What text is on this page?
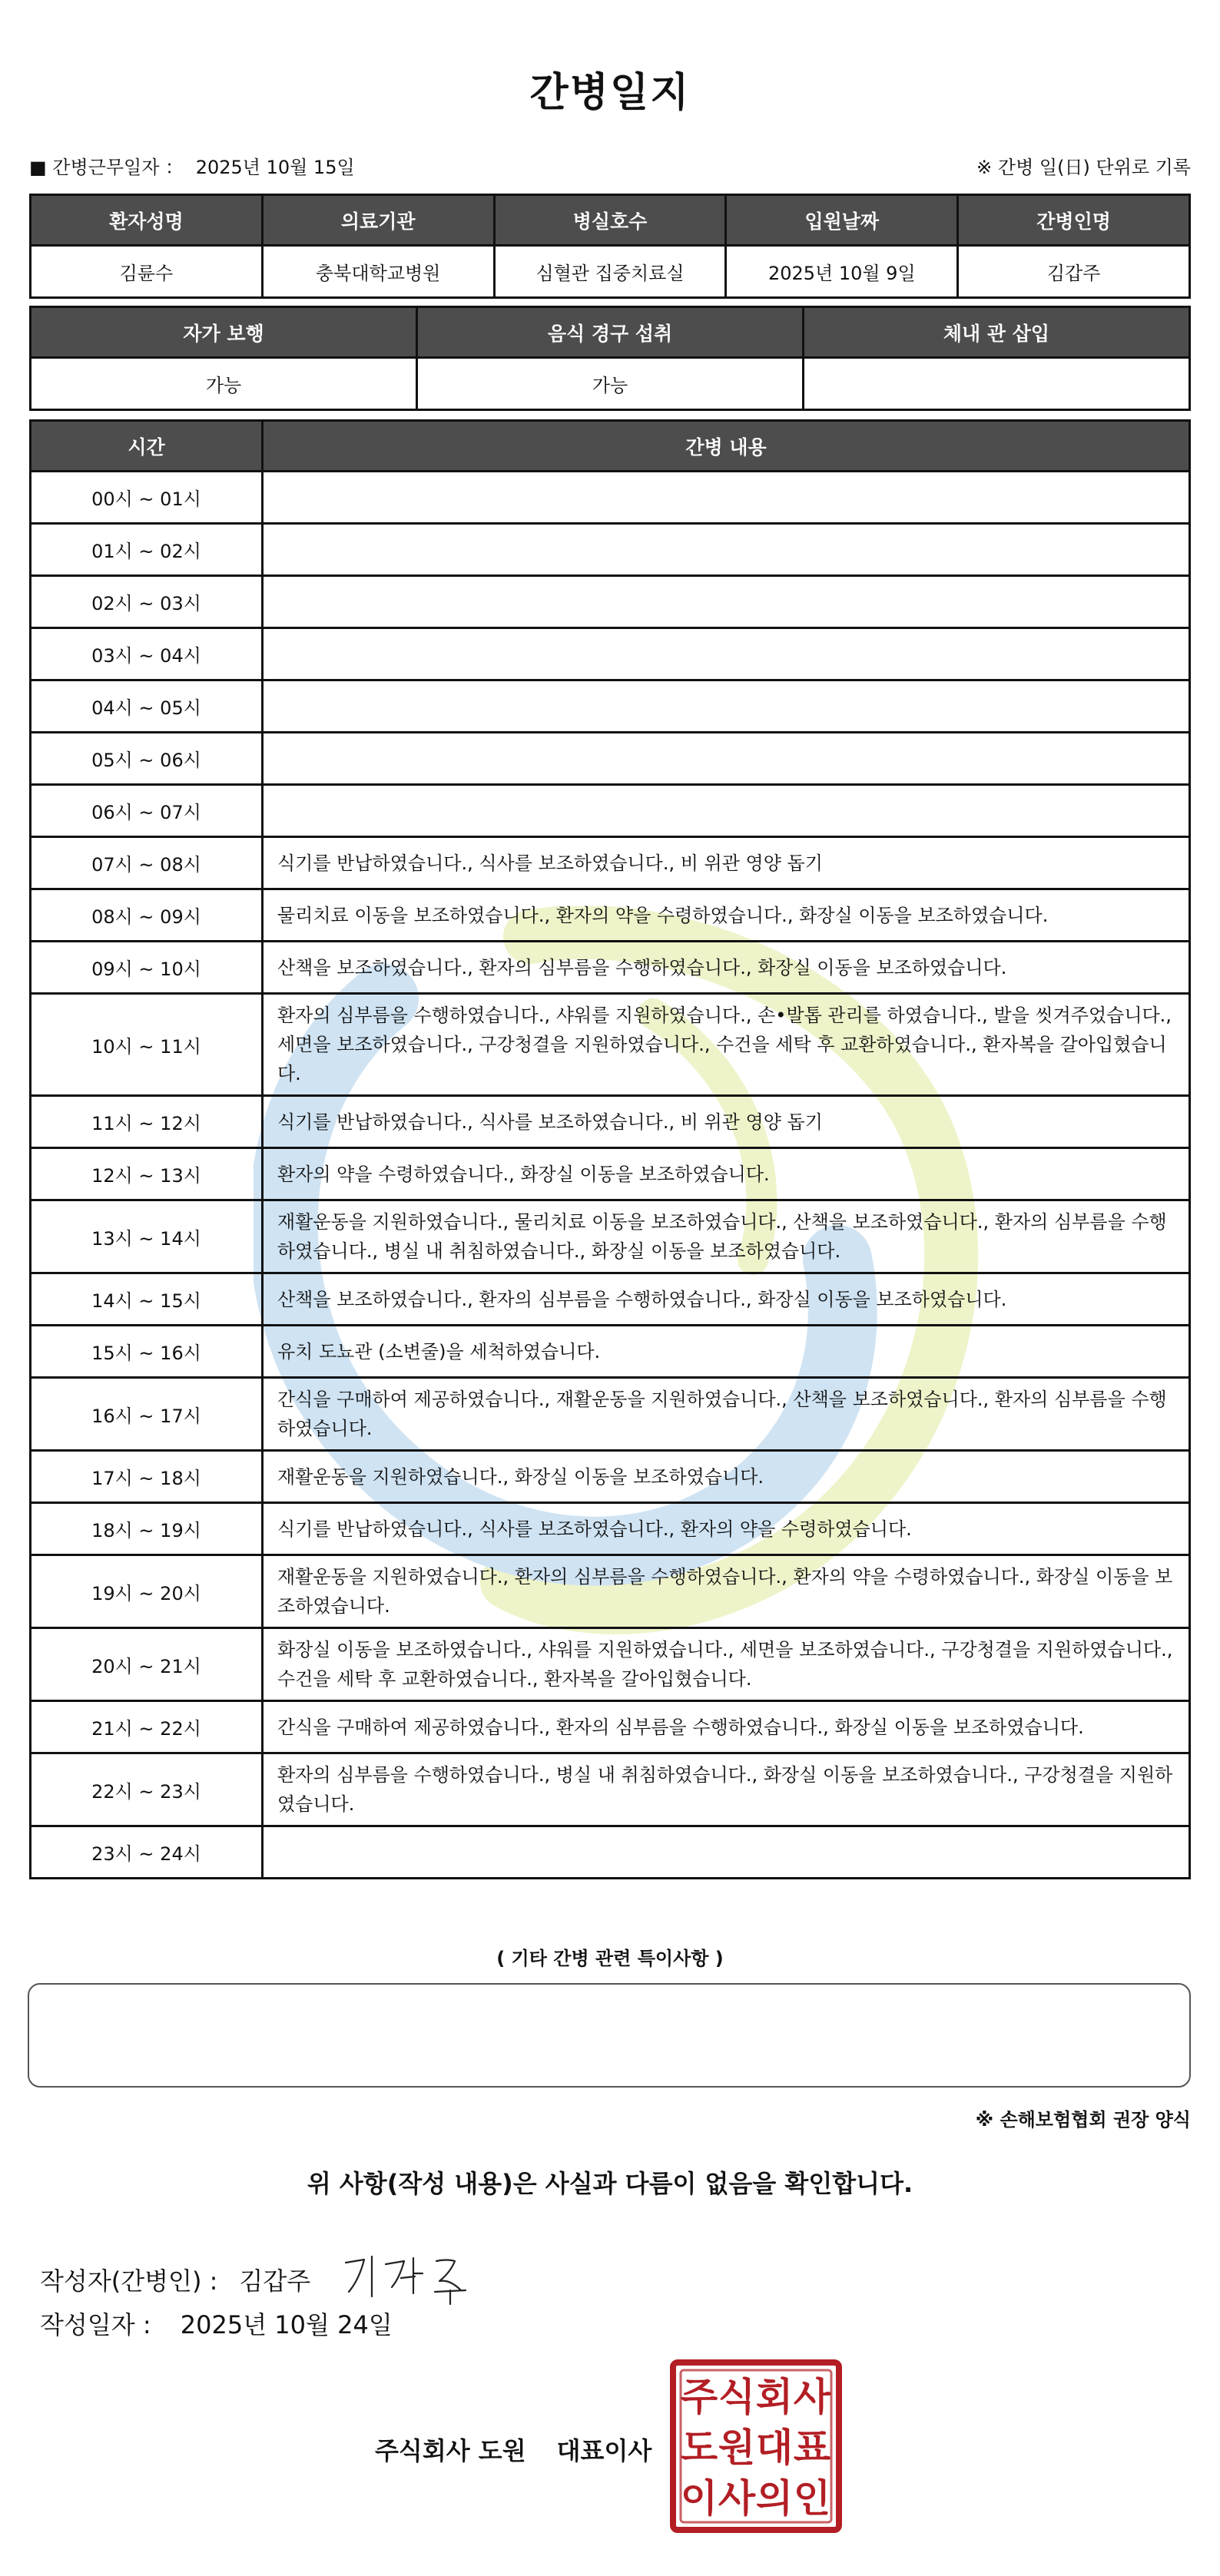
간병일지
■ 간병근무일자 ： 2025년 10월 15일	※ 간병 일(日) 단위로 기록
환자성명	의료기관	병실호수	입원날짜	간병인명
김륜수	충북대학교병원	심혈관 집중치료실	2025년 10월 9일	김갑주
자가 보행	음식 경구 섭취	체내 관 삽입
가능	가능	
시간	간병 내용
00시 ~ 01시	
01시 ~ 02시	
02시 ~ 03시	
03시 ~ 04시	
04시 ~ 05시	
05시 ~ 06시	
06시 ~ 07시	
07시 ~ 08시	식기를 반납하였습니다., 식사를 보조하였습니다., 비 위관 영양 돕기
08시 ~ 09시	물리치료 이동을 보조하였습니다., 환자의 약을 수령하였습니다., 화장실 이동을 보조하였습니다.
09시 ~ 10시	산책을 보조하였습니다., 환자의 심부름을 수행하였습니다., 화장실 이동을 보조하였습니다.
10시 ~ 11시	환자의 심부름을 수행하였습니다., 샤워를 지원하였습니다., 손•발톱 관리를 하였습니다., 발을 씻겨주었습니다., 세면을 보조하였습니다., 구강청결을 지원하였습니다., 수건을 세탁 후 교환하였습니다., 환자복을 갈아입혔습니다.
11시 ~ 12시	식기를 반납하였습니다., 식사를 보조하였습니다., 비 위관 영양 돕기
12시 ~ 13시	환자의 약을 수령하였습니다., 화장실 이동을 보조하였습니다.
13시 ~ 14시	재활운동을 지원하였습니다., 물리치료 이동을 보조하였습니다., 산책을 보조하였습니다., 환자의 심부름을 수행하였습니다., 병실 내 취침하였습니다., 화장실 이동을 보조하였습니다.
14시 ~ 15시	산책을 보조하였습니다., 환자의 심부름을 수행하였습니다., 화장실 이동을 보조하였습니다.
15시 ~ 16시	유치 도뇨관 (소변줄)을 세척하였습니다.
16시 ~ 17시	간식을 구매하여 제공하였습니다., 재활운동을 지원하였습니다., 산책을 보조하였습니다., 환자의 심부름을 수행하였습니다.
17시 ~ 18시	재활운동을 지원하였습니다., 화장실 이동을 보조하였습니다.
18시 ~ 19시	식기를 반납하였습니다., 식사를 보조하였습니다., 환자의 약을 수령하였습니다.
19시 ~ 20시	재활운동을 지원하였습니다., 환자의 심부름을 수행하였습니다., 환자의 약을 수령하였습니다., 화장실 이동을 보조하였습니다.
20시 ~ 21시	화장실 이동을 보조하였습니다., 샤워를 지원하였습니다., 세면을 보조하였습니다., 구강청결을 지원하였습니다., 수건을 세탁 후 교환하였습니다., 환자복을 갈아입혔습니다.
21시 ~ 22시	간식을 구매하여 제공하였습니다., 환자의 심부름을 수행하였습니다., 화장실 이동을 보조하였습니다.
22시 ~ 23시	환자의 심부름을 수행하였습니다., 병실 내 취침하였습니다., 화장실 이동을 보조하였습니다., 구강청결을 지원하였습니다.
23시 ~ 24시	
( 기타 간병 관련 특이사항 )
※ 손해보험협회 권장 양식
위 사항(작성 내용)은 사실과 다름이 없음을 확인합니다.
작성자(간병인) : 김갑주
작성일자 : 2025년 10월 24일
주식회사 도원 대표이사
주 식 회 사
도 원 대 표
이 사 의 인
